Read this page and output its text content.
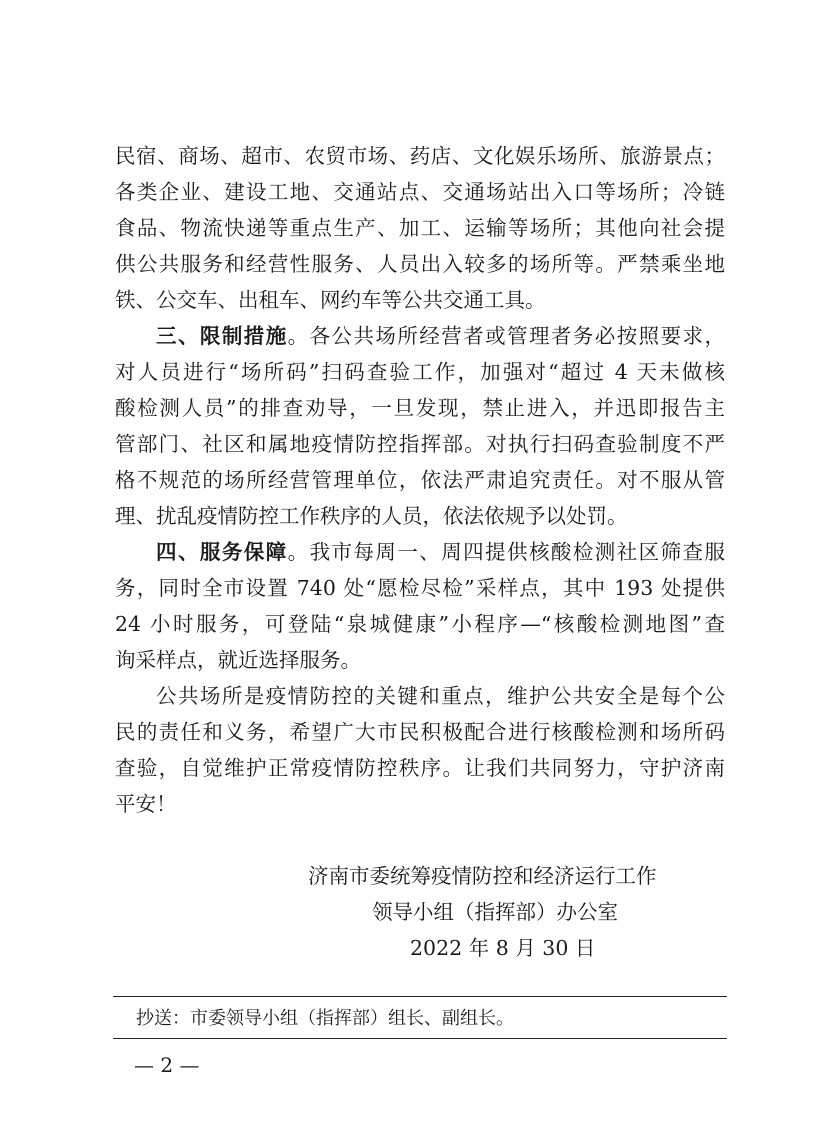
民宿、商场、超市、农贸市场、药店、文化娱乐场所、旅游景点；
各类企业、建设工地、交通站点、交通场站出入口等场所；冷链
食品、物流快递等重点生产、加工、运输等场所；其他向社会提
供公共服务和经营性服务、人员出入较多的场所等。严禁乘坐地
铁、公交车、出租车、网约车等公共交通工具。
三、限制措施。各公共场所经营者或管理者务必按照要求，
对人员进行“场所码”扫码查验工作，加强对“超过 4 天未做核
酸检测人员”的排查劝导，一旦发现，禁止进入，并迅即报告主
管部门、社区和属地疫情防控指挥部。对执行扫码查验制度不严
格不规范的场所经营管理单位，依法严肃追究责任。对不服从管
理、扰乱疫情防控工作秩序的人员，依法依规予以处罚。
四、服务保障。我市每周一、周四提供核酸检测社区筛查服
务，同时全市设置 740 处“愿检尽检”采样点，其中 193 处提供
24 小时服务，可登陆“泉城健康”小程序—“核酸检测地图”查
询采样点，就近选择服务。
公共场所是疫情防控的关键和重点，维护公共安全是每个公
民的责任和义务，希望广大市民积极配合进行核酸检测和场所码
查验，自觉维护正常疫情防控秩序。让我们共同努力，守护济南
平安！
济南市委统筹疫情防控和经济运行工作
领导小组（指挥部）办公室
2022 年 8 月 30 日
抄送：市委领导小组（指挥部）组长、副组长。
— 2 —
